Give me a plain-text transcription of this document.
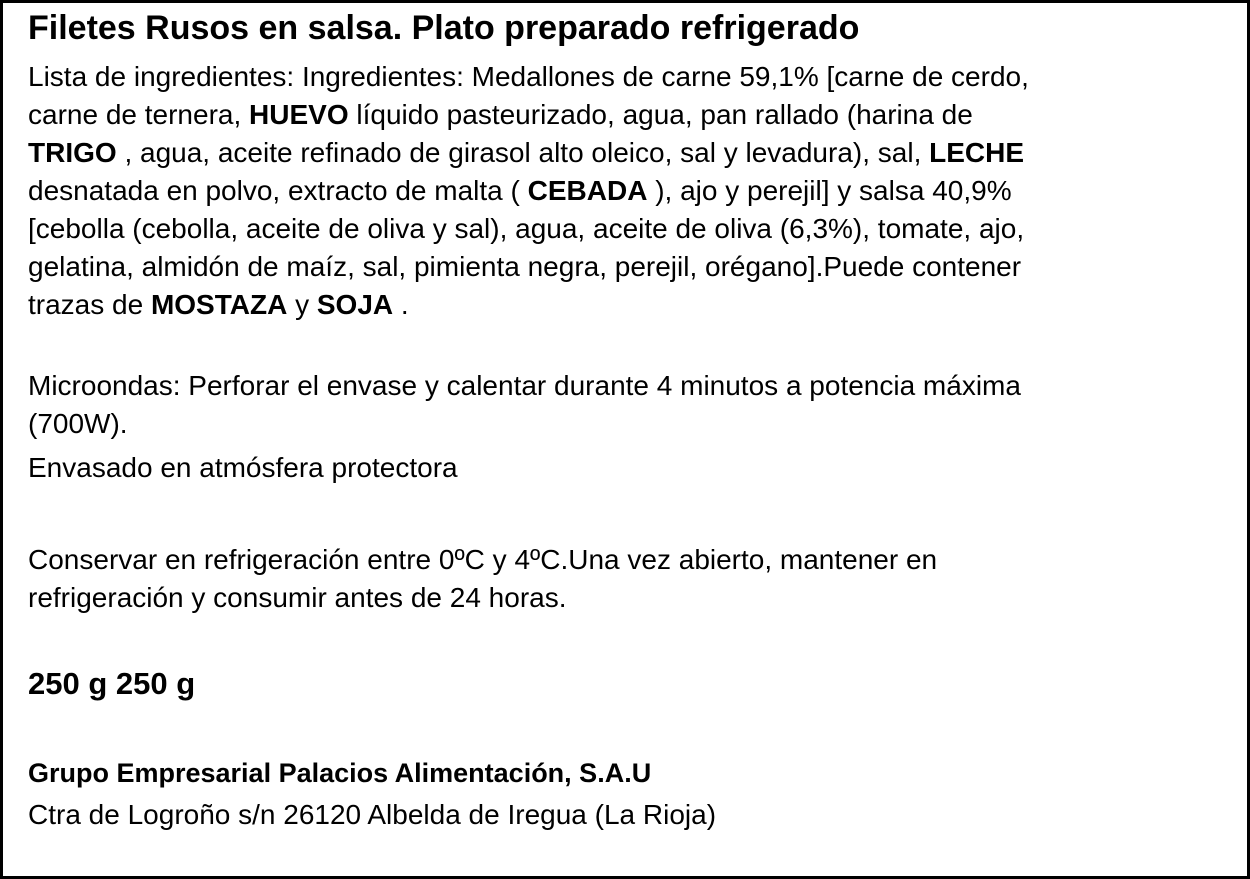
Filetes Rusos en salsa. Plato preparado refrigerado
Lista de ingredientes: Ingredientes: Medallones de carne 59,1% [carne de cerdo,
carne de ternera, HUEVO líquido pasteurizado, agua, pan rallado (harina de
TRIGO , agua, aceite refinado de girasol alto oleico, sal y levadura), sal, LECHE
desnatada en polvo, extracto de malta ( CEBADA ), ajo y perejil] y salsa 40,9%
[cebolla (cebolla, aceite de oliva y sal), agua, aceite de oliva (6,3%), tomate, ajo,
gelatina, almidón de maíz, sal, pimienta negra, perejil, orégano].Puede contener
trazas de MOSTAZA y SOJA .
Microondas: Perforar el envase y calentar durante 4 minutos a potencia máxima
(700W).
Envasado en atmósfera protectora
Conservar en refrigeración entre 0ºC y 4ºC.Una vez abierto, mantener en
refrigeración y consumir antes de 24 horas.
250 g 250 g
Grupo Empresarial Palacios Alimentación, S.A.U
Ctra de Logroño s/n 26120 Albelda de Iregua (La Rioja)
